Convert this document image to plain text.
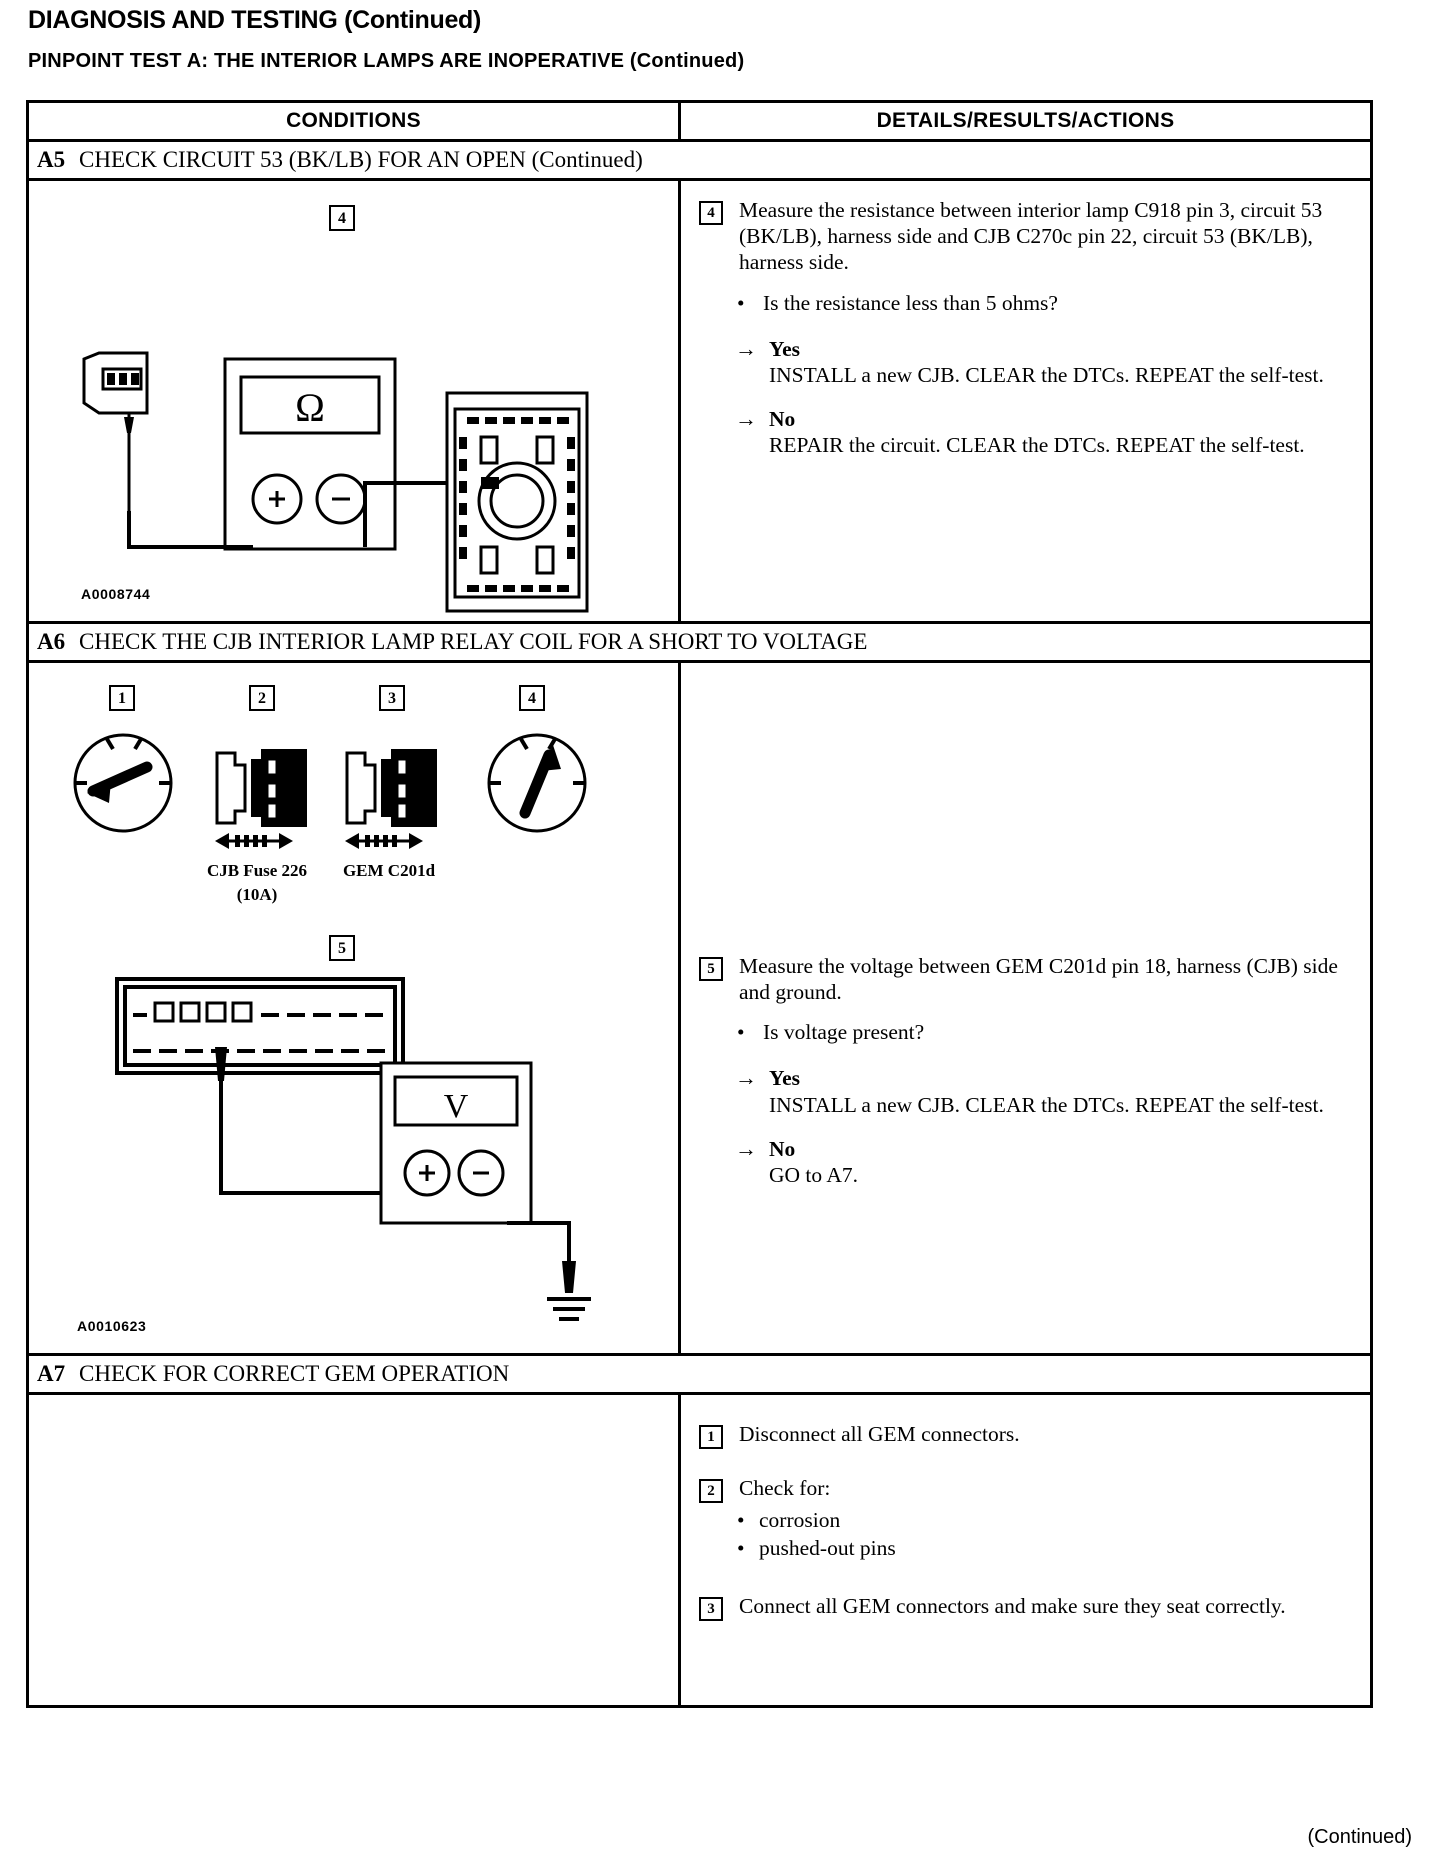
DIAGNOSIS AND TESTING (Continued)
PINPOINT TEST A: THE INTERIOR LAMPS ARE INOPERATIVE (Continued)
CONDITIONS	DETAILS/RESULTS/ACTIONS
A5 CHECK CIRCUIT 53 (BK/LB) FOR AN OPEN (Continued)
4
A0008744
Ω
4	Measure the resistance between interior lamp C918 pin 3, circuit 53 (BK/LB), harness side and CJB C270c pin 22, circuit 53 (BK/LB), harness side.
• Is the resistance less than 5 ohms?
→ Yes
INSTALL a new CJB. CLEAR the DTCs. REPEAT the self-test.
→ No
REPAIR the circuit. CLEAR the DTCs. REPEAT the self-test.
A6 CHECK THE CJB INTERIOR LAMP RELAY COIL FOR A SHORT TO VOLTAGE
1	2	3	4
5
CJB Fuse 226
(10A)
GEM C201d
A0010623
V
5	Measure the voltage between GEM C201d pin 18, harness (CJB) side and ground.
• Is voltage present?
→ Yes
INSTALL a new CJB. CLEAR the DTCs. REPEAT the self-test.
→ No
GO to A7.
A7 CHECK FOR CORRECT GEM OPERATION
1	Disconnect all GEM connectors.
2	Check for:
• corrosion
• pushed-out pins
3	Connect all GEM connectors and make sure they seat correctly.
(Continued)
